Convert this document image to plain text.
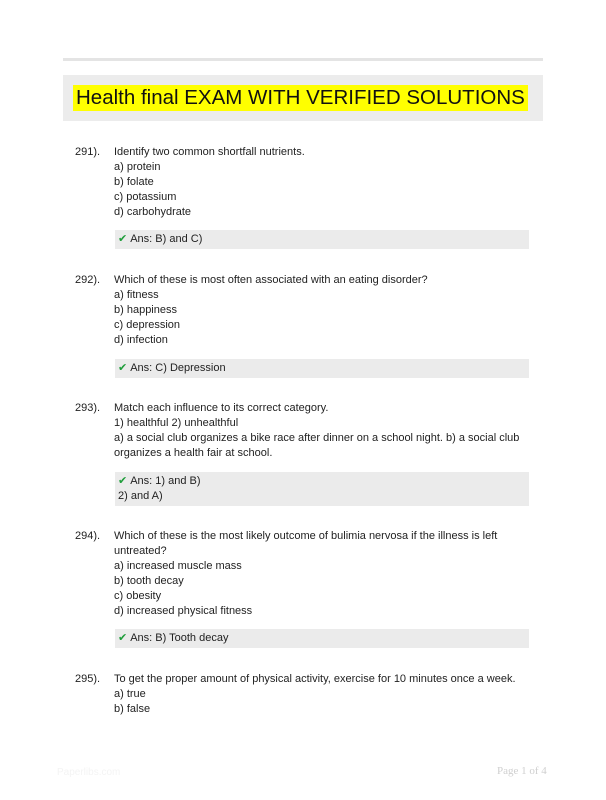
Health final EXAM WITH VERIFIED SOLUTIONS
291).	Identify two common shortfall nutrients.

a) protein

b) folate

c) potassium

d) carbohydrate

✔ Ans: B) and C)
292).	Which of these is most often associated with an eating disorder?

a) fitness

b) happiness

c) depression

d) infection

✔ Ans: C) Depression
293).	Match each influence to its correct category.

1) healthful 2) unhealthful

a) a social club organizes a bike race after dinner on a school night. b) a social club organizes a health fair at school.

✔ Ans: 1) and B)
2) and A)
294).	Which of these is the most likely outcome of bulimia nervosa if the illness is left untreated?

a) increased muscle mass

b) tooth decay

c) obesity

d) increased physical fitness

✔ Ans: B) Tooth decay
295).	To get the proper amount of physical activity, exercise for 10 minutes once a week.

a) true

b) false

Paperlibs.com	Page 1 of 4
